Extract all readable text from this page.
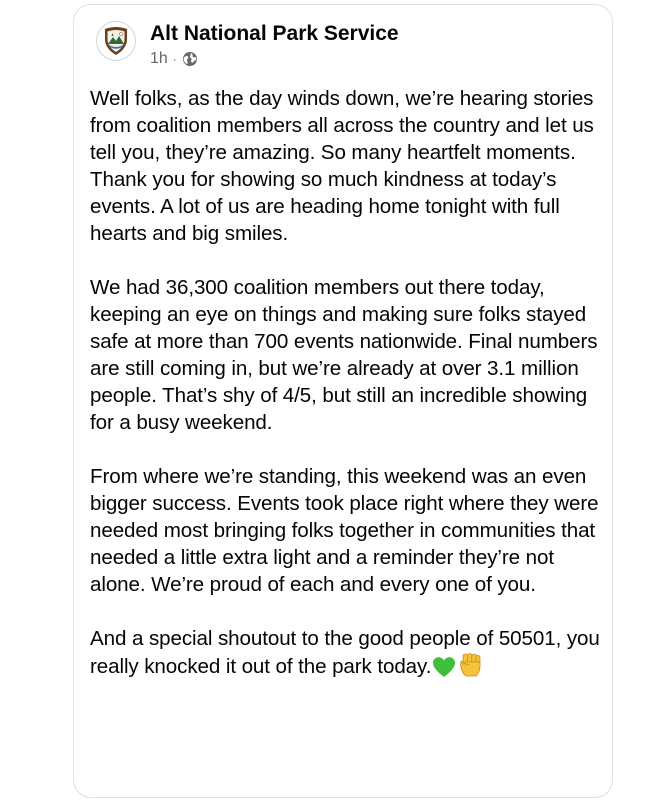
Alt National Park Service
1h ·

Well folks, as the day winds down, we’re hearing stories from coalition members all across the country and let us tell you, they’re amazing. So many heartfelt moments. Thank you for showing so much kindness at today’s events. A lot of us are heading home tonight with full hearts and big smiles.

We had 36,300 coalition members out there today, keeping an eye on things and making sure folks stayed safe at more than 700 events nationwide. Final numbers are still coming in, but we’re already at over 3.1 million people. That’s shy of 4/5, but still an incredible showing for a busy weekend.

From where we’re standing, this weekend was an even bigger success. Events took place right where they were needed most bringing folks together in communities that needed a little extra light and a reminder they’re not alone. We’re proud of each and every one of you.

And a special shoutout to the good people of 50501, you really knocked it out of the park today.
